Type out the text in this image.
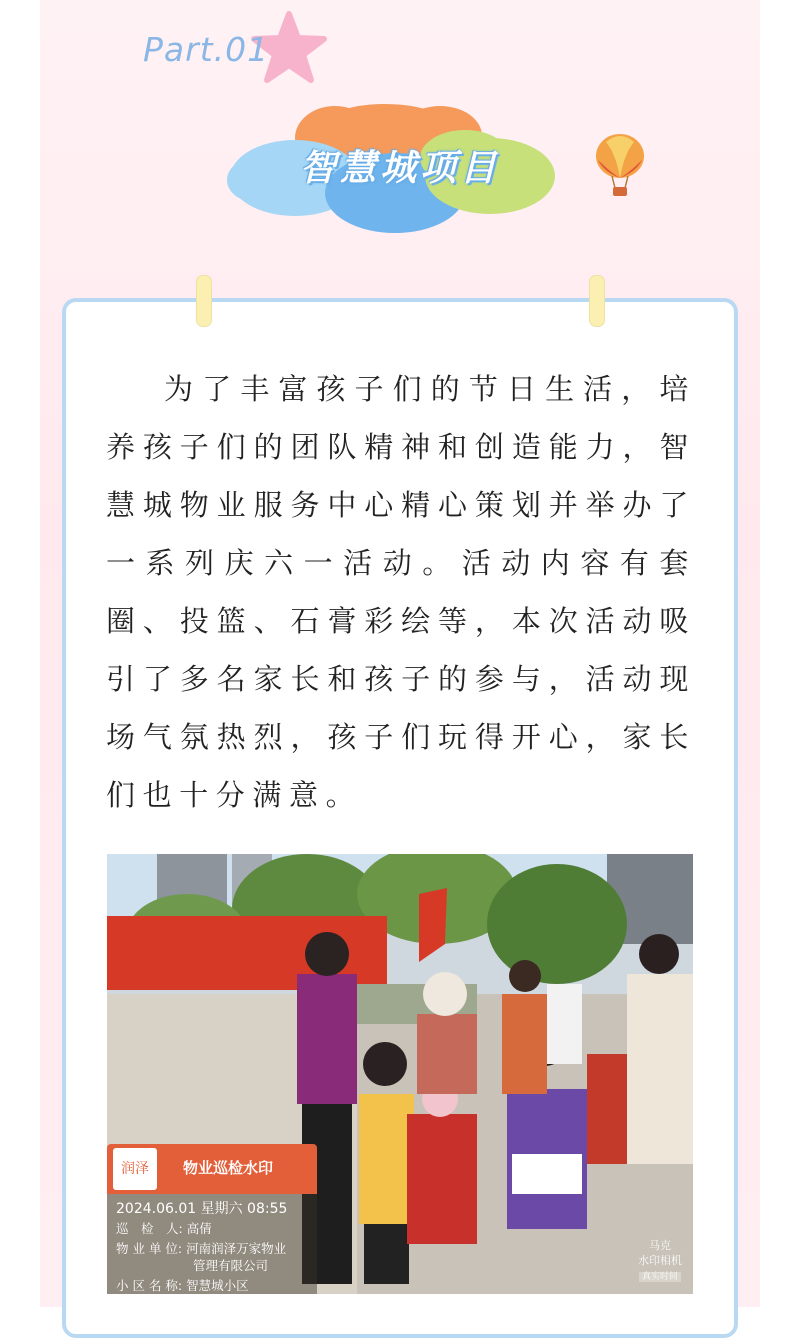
Part.01
智慧城项目

为了丰富孩子们的节日生活，培养孩子们的团队精神和创造能力，智慧城物业服务中心精心策划并举办了一系列庆六一活动。活动内容有套圈、投篮、石膏彩绘等，本次活动吸引了多名家长和孩子的参与，活动现场气氛热烈，孩子们玩得开心，家长们也十分满意。

润泽	物业巡检水印
2024.06.01 星期六 08:55
巡　检　人: 高倩
物 业 单 位: 河南润泽万家物业
管理有限公司
小 区 名 称: 智慧城小区
马克
水印相机
真实时间
